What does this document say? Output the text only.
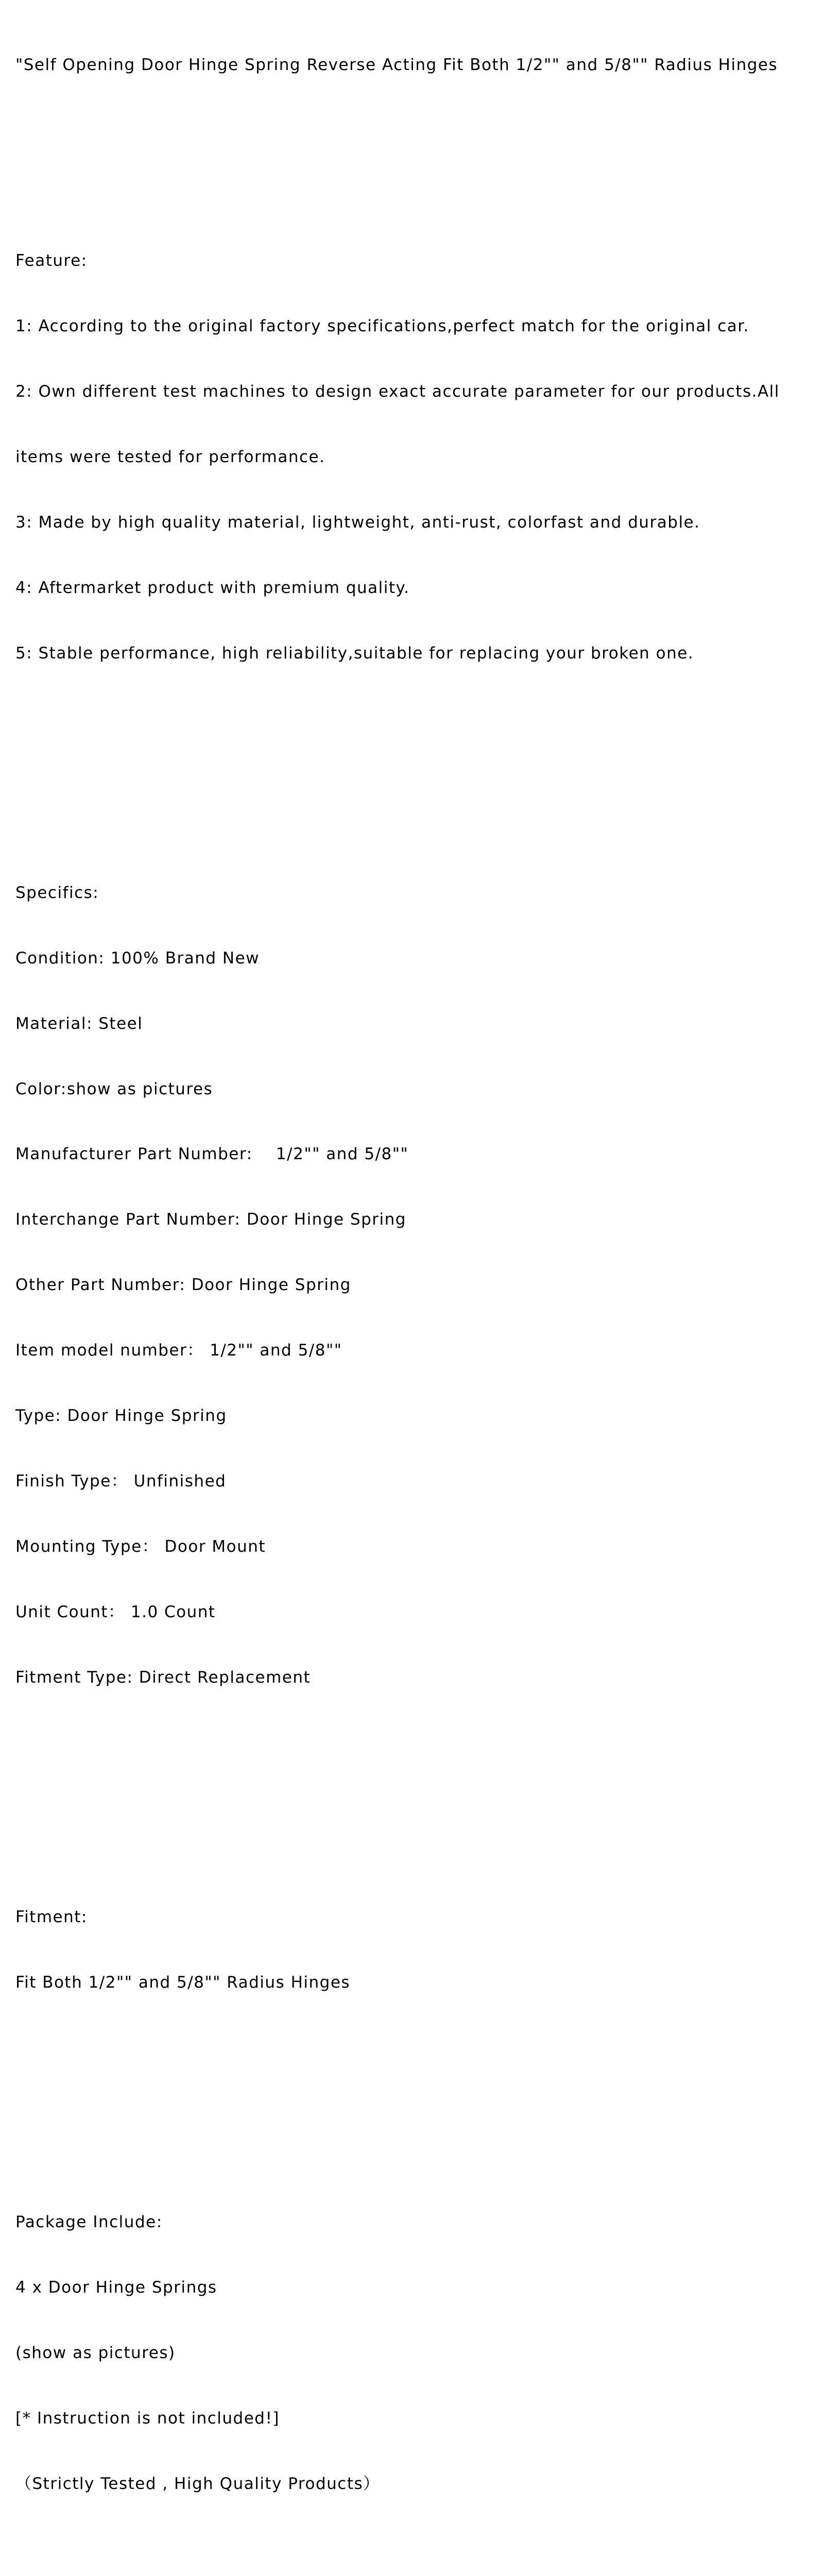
"Self Opening Door Hinge Spring Reverse Acting Fit Both 1/2"" and 5/8"" Radius Hinges

Feature:

1: According to the original factory specifications,perfect match for the original car.

2: Own different test machines to design exact accurate parameter for our products.All

items were tested for performance.

3: Made by high quality material, lightweight, anti-rust, colorfast and durable.

4: Aftermarket product with premium quality.

5: Stable performance, high reliability,suitable for replacing your broken one.

Specifics:

Condition: 100% Brand New

Material: Steel

Color:show as pictures

Manufacturer Part Number:    1/2"" and 5/8""

Interchange Part Number: Door Hinge Spring

Other Part Number: Door Hinge Spring

Item model number： 1/2"" and 5/8""

Type: Door Hinge Spring

Finish Type： Unfinished

Mounting Type： Door Mount

Unit Count： 1.0 Count

Fitment Type: Direct Replacement

Fitment:

Fit Both 1/2"" and 5/8"" Radius Hinges

Package Include:

4 x Door Hinge Springs

(show as pictures)

[* Instruction is not included!]

（Strictly Tested , High Quality Products）
